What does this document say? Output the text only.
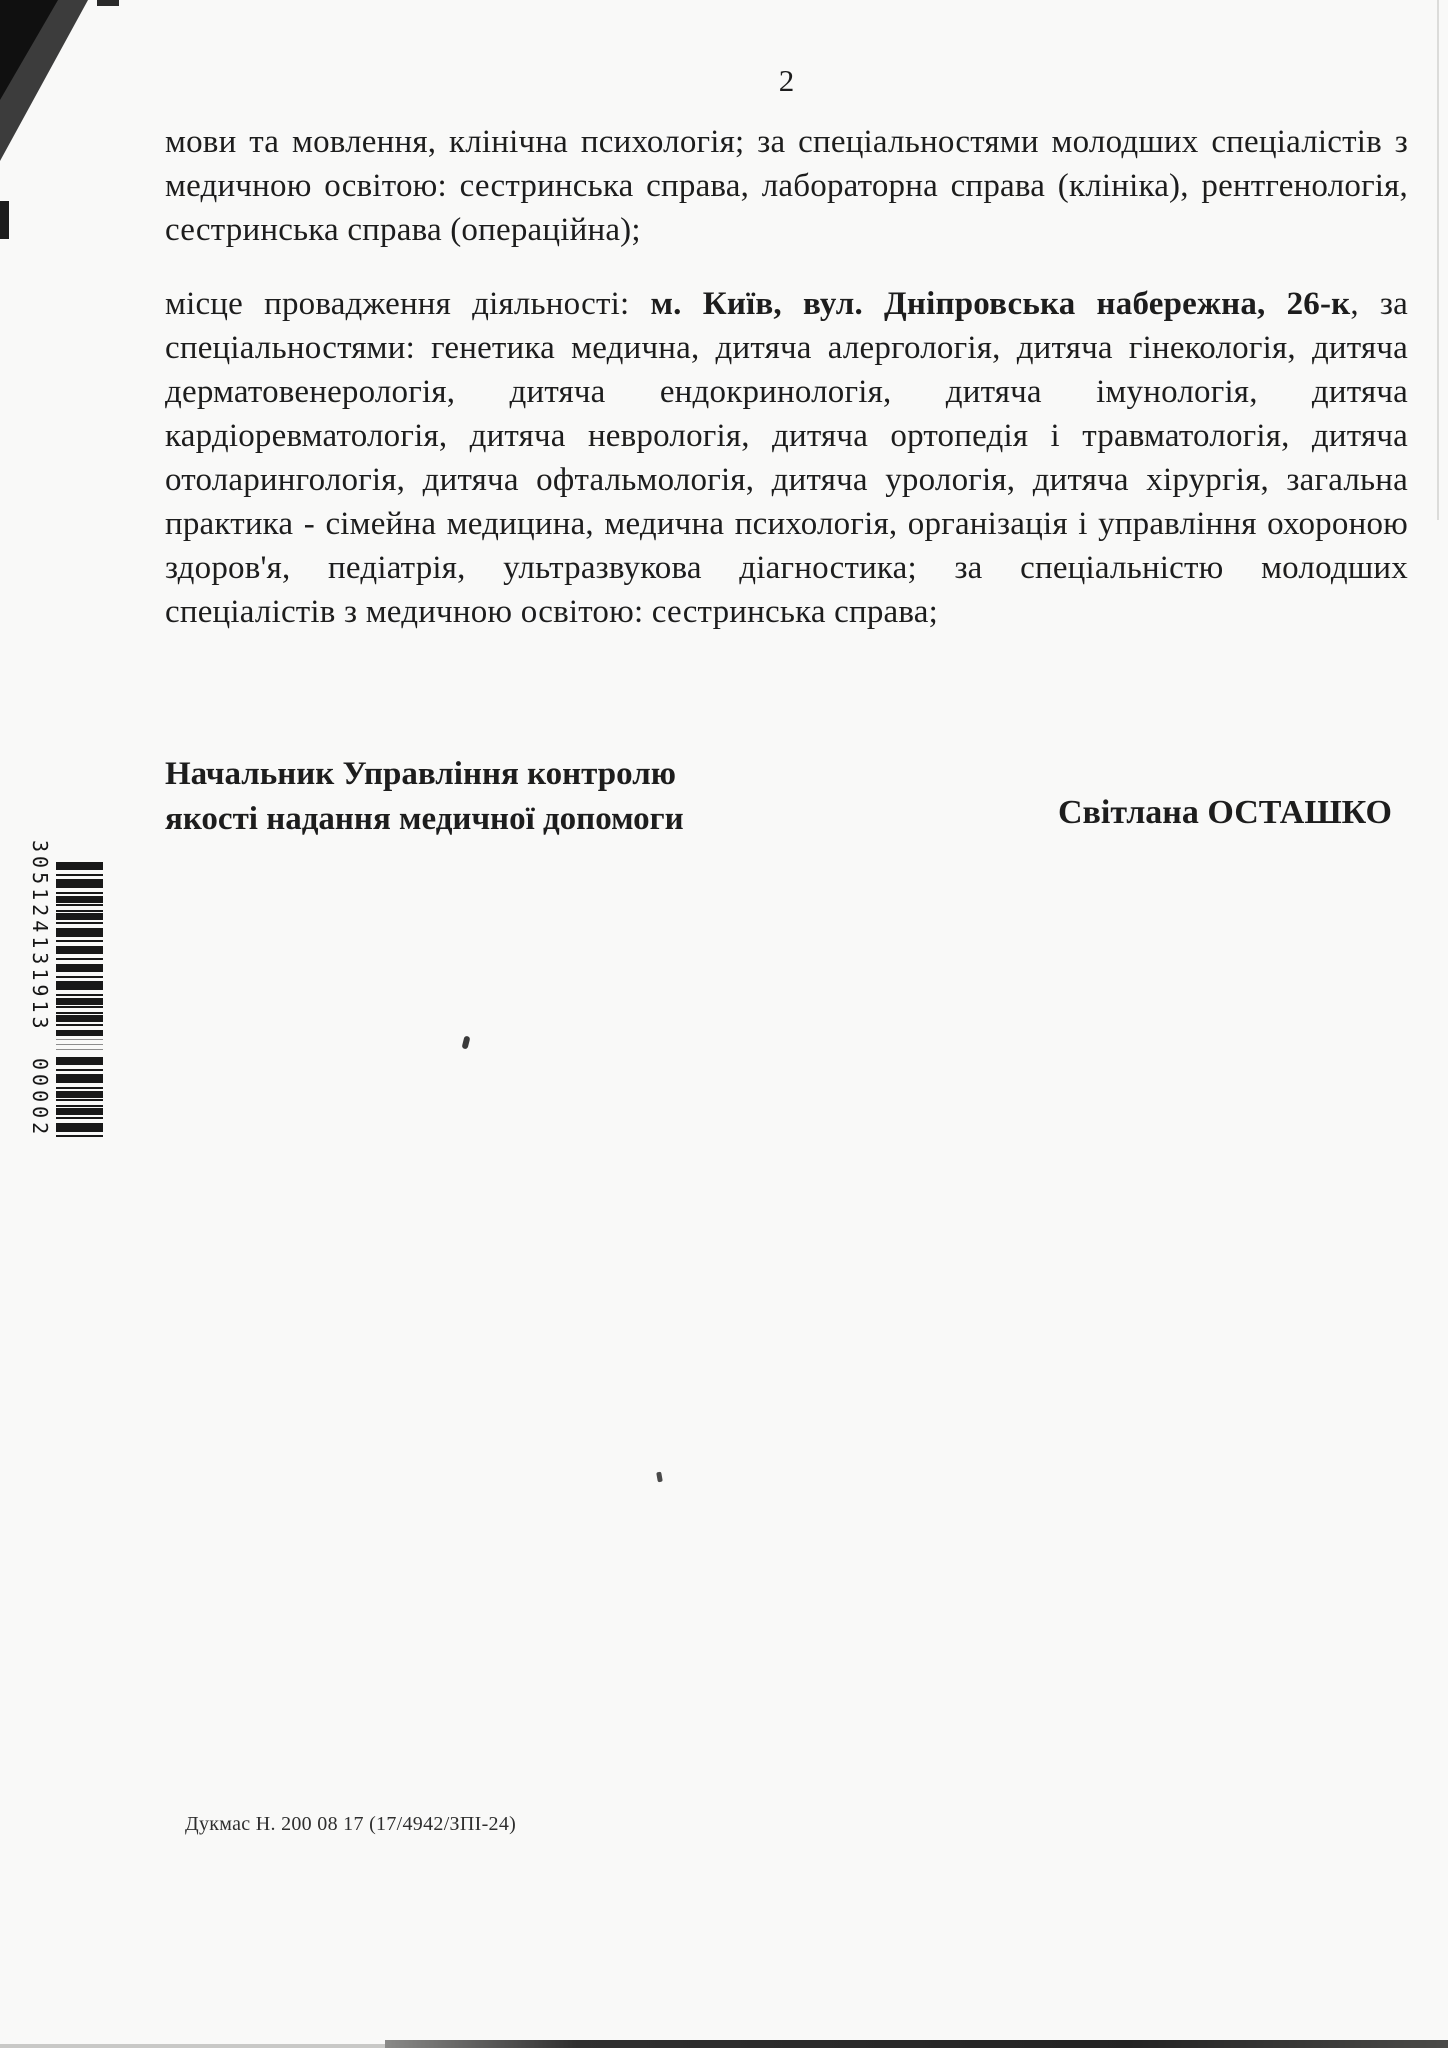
2
мови та мовлення, клінічна психологія; за спеціальностями молодших спеціалістів з медичною освітою: сестринська справа, лабораторна справа (клініка), рентгенологія, сестринська справа (операційна);
місце провадження діяльності: м. Київ, вул. Дніпровська набережна, 26-к, за спеціальностями: генетика медична, дитяча алергологія, дитяча гінекологія, дитяча дерматовенерологія, дитяча ендокринологія, дитяча імунологія, дитяча кардіоревматологія, дитяча неврологія, дитяча ортопедія і травматологія, дитяча отоларингологія, дитяча офтальмологія, дитяча урологія, дитяча хірургія, загальна практика - сімейна медицина, медична психологія, організація і управління охороною здоров'я, педіатрія, ультразвукова діагностика; за спеціальністю молодших спеціалістів з медичною освітою: сестринська справа;
Начальник Управління контролю
якості надання медичної допомоги	Світлана ОСТАШКО
305124131913
00002
Дукмас Н. 200 08 17 (17/4942/ЗПІ-24)
